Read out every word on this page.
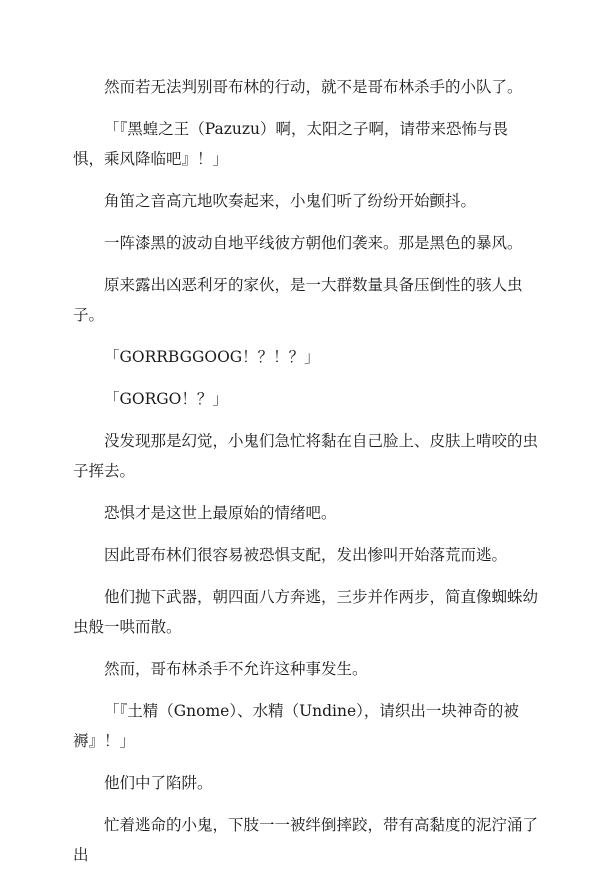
然而若无法判别哥布林的行动，就不是哥布林杀手的小队了。

「『黑蝗之王（Pazuzu）啊，太阳之子啊，请带来恐怖与畏惧，乘风降临吧』！」

角笛之音高亢地吹奏起来，小鬼们听了纷纷开始颤抖。

一阵漆黑的波动自地平线彼方朝他们袭来。那是黑色的暴风。

原来露出凶恶利牙的家伙，是一大群数量具备压倒性的骇人虫子。

「GORRBGGOOG！？！？」

「GORGO！？」

没发现那是幻觉，小鬼们急忙将黏在自己脸上、皮肤上啃咬的虫子挥去。

恐惧才是这世上最原始的情绪吧。

因此哥布林们很容易被恐惧支配，发出惨叫开始落荒而逃。

他们抛下武器，朝四面八方奔逃，三步并作两步，简直像蜘蛛幼虫般一哄而散。

然而，哥布林杀手不允许这种事发生。

「『土精（Gnome）、水精（Undine），请织出一块神奇的被褥』！」

他们中了陷阱。

忙着逃命的小鬼，下肢一一被绊倒摔跤，带有高黏度的泥泞涌了出
